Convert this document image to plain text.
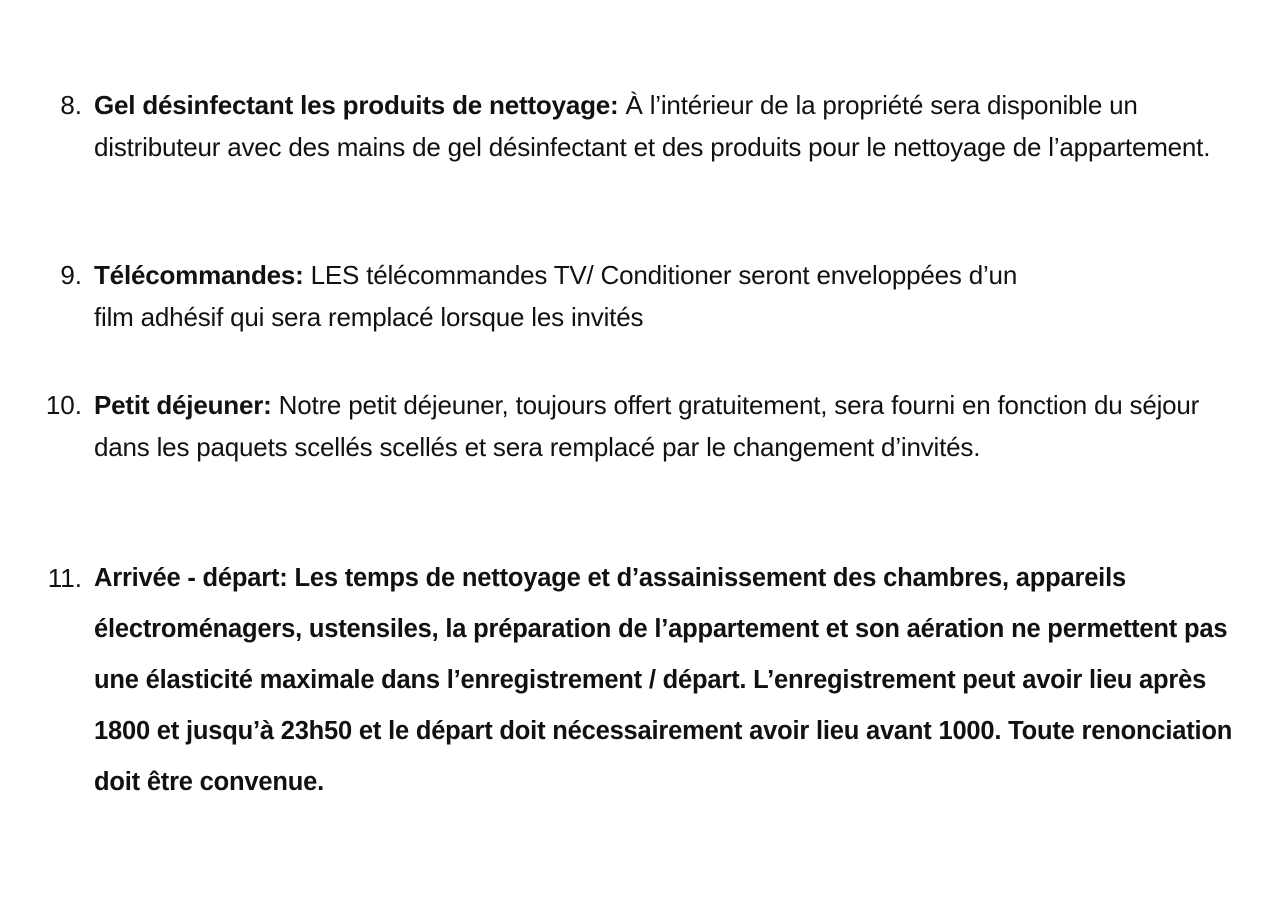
8. Gel désinfectant les produits de nettoyage: À l’intérieur de la propriété sera disponible un distributeur avec des mains de gel désinfectant et des produits pour le nettoyage de l’appartement.
9. Télécommandes: LES télécommandes TV/ Conditioner seront enveloppées d’un film adhésif qui sera remplacé lorsque les invités
10. Petit déjeuner: Notre petit déjeuner, toujours offert gratuitement, sera fourni en fonction du séjour dans les paquets scellés scellés et sera remplacé par le changement d’invités.
11. Arrivée - départ: Les temps de nettoyage et d’assainissement des chambres, appareils électroménagers, ustensiles, la préparation de l’appartement et son aération ne permettent pas une élasticité maximale dans l’enregistrement / départ. L’enregistrement peut avoir lieu après 1800 et jusqu’à 23h50 et le départ doit nécessairement avoir lieu avant 1000. Toute renonciation doit être convenue.
